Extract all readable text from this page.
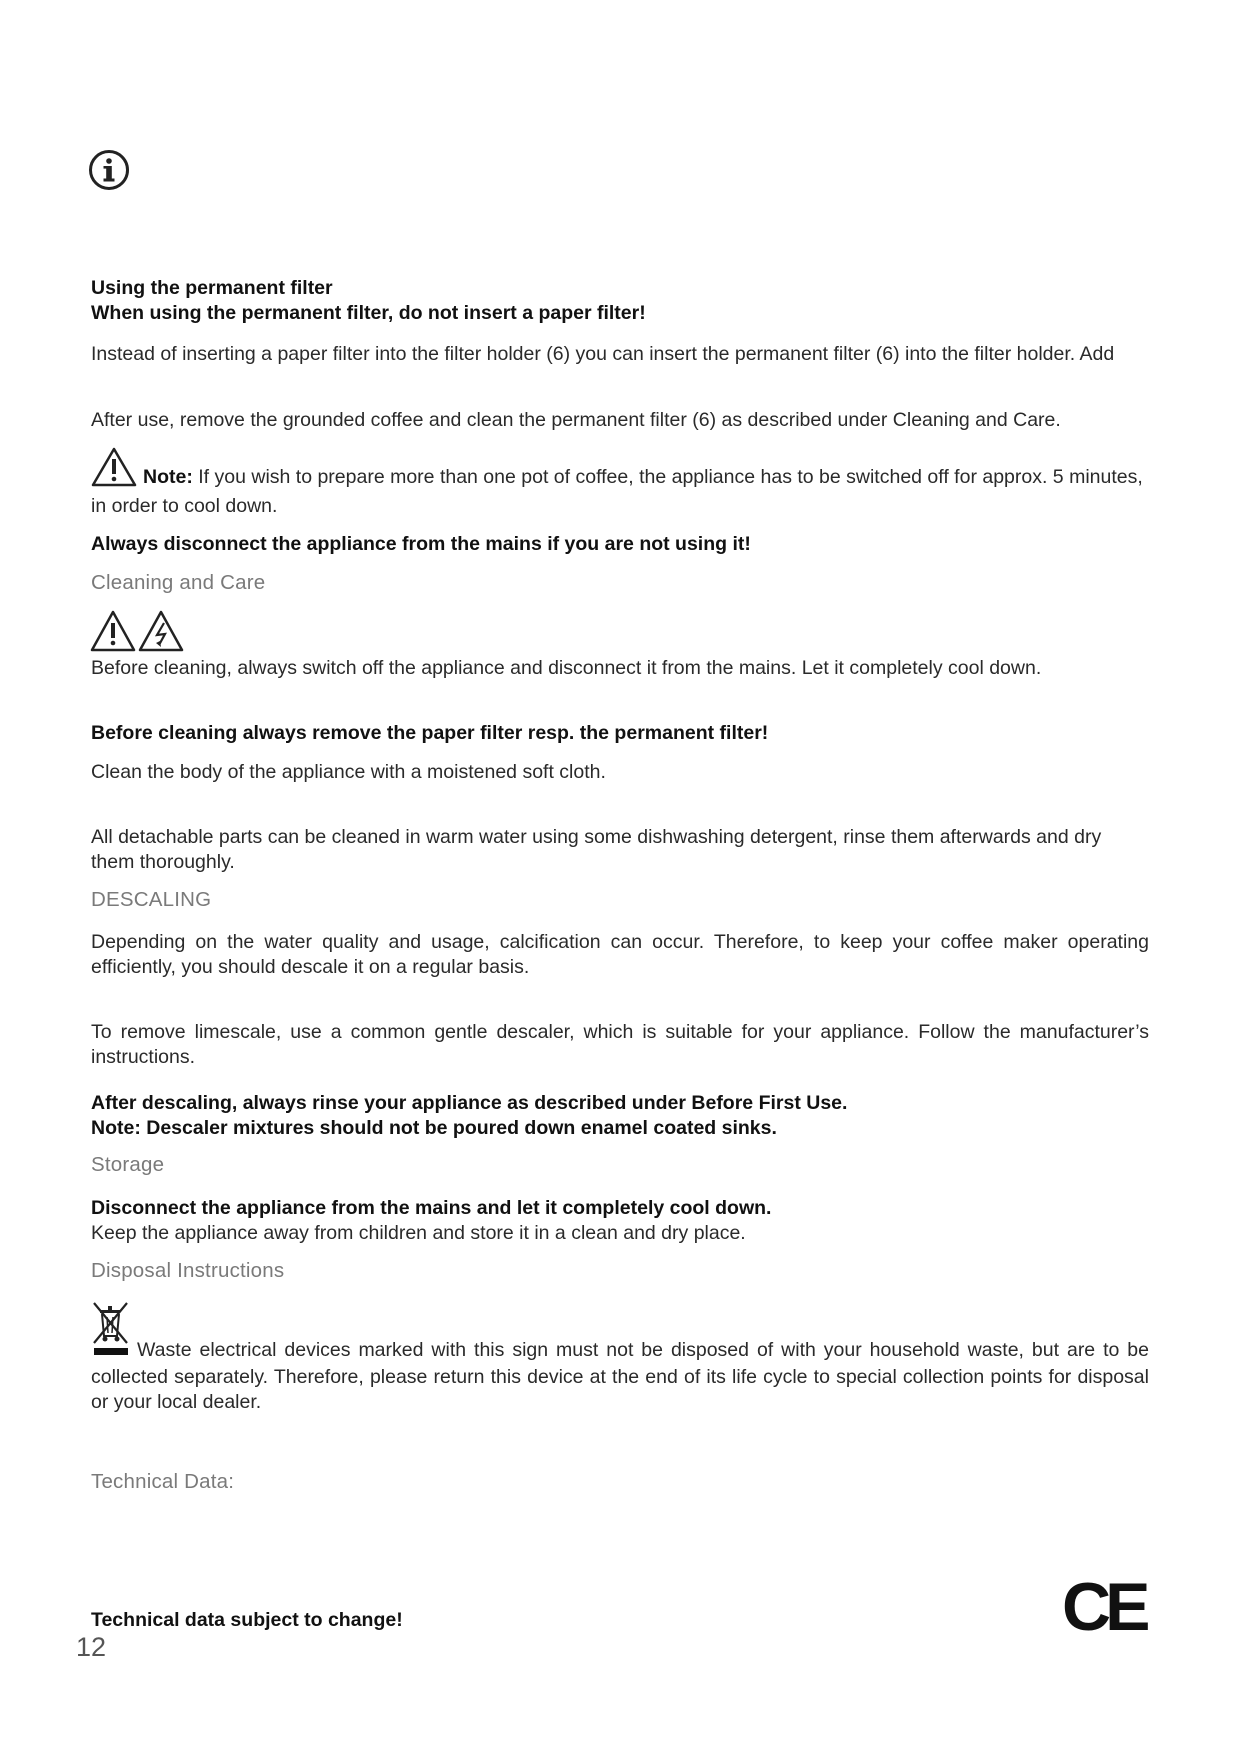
Using the permanent filter
When using the permanent filter, do not insert a paper filter!
Instead of inserting a paper filter into the filter holder (6) you can insert the permanent filter (6) into the filter holder. Add
After use, remove the grounded coffee and clean the permanent filter (6) as described under Cleaning and Care.
Note: If you wish to prepare more than one pot of coffee, the appliance has to be switched off for approx. 5 minutes, in order to cool down.
Always disconnect the appliance from the mains if you are not using it!
Cleaning and Care
Before cleaning, always switch off the appliance and disconnect it from the mains. Let it completely cool down.
Before cleaning always remove the paper filter resp. the permanent filter!
Clean the body of the appliance with a moistened soft cloth.
All detachable parts can be cleaned in warm water using some dishwashing detergent, rinse them afterwards and dry them thoroughly.
DESCALING
Depending on the water quality and usage, calcification can occur. Therefore, to keep your coffee maker operating efficiently, you should descale it on a regular basis.
To remove limescale, use a common gentle descaler, which is suitable for your appliance. Follow the manufacturer’s instructions.
After descaling, always rinse your appliance as described under Before First Use.
Note: Descaler mixtures should not be poured down enamel coated sinks.
Storage
Disconnect the appliance from the mains and let it completely cool down.
Keep the appliance away from children and store it in a clean and dry place.
Disposal Instructions
Waste electrical devices marked with this sign must not be disposed of with your household waste, but are to be collected separately. Therefore, please return this device at the end of its life cycle to special collection points for disposal or your local dealer.
Technical Data:
Technical data subject to change!	CE
12
